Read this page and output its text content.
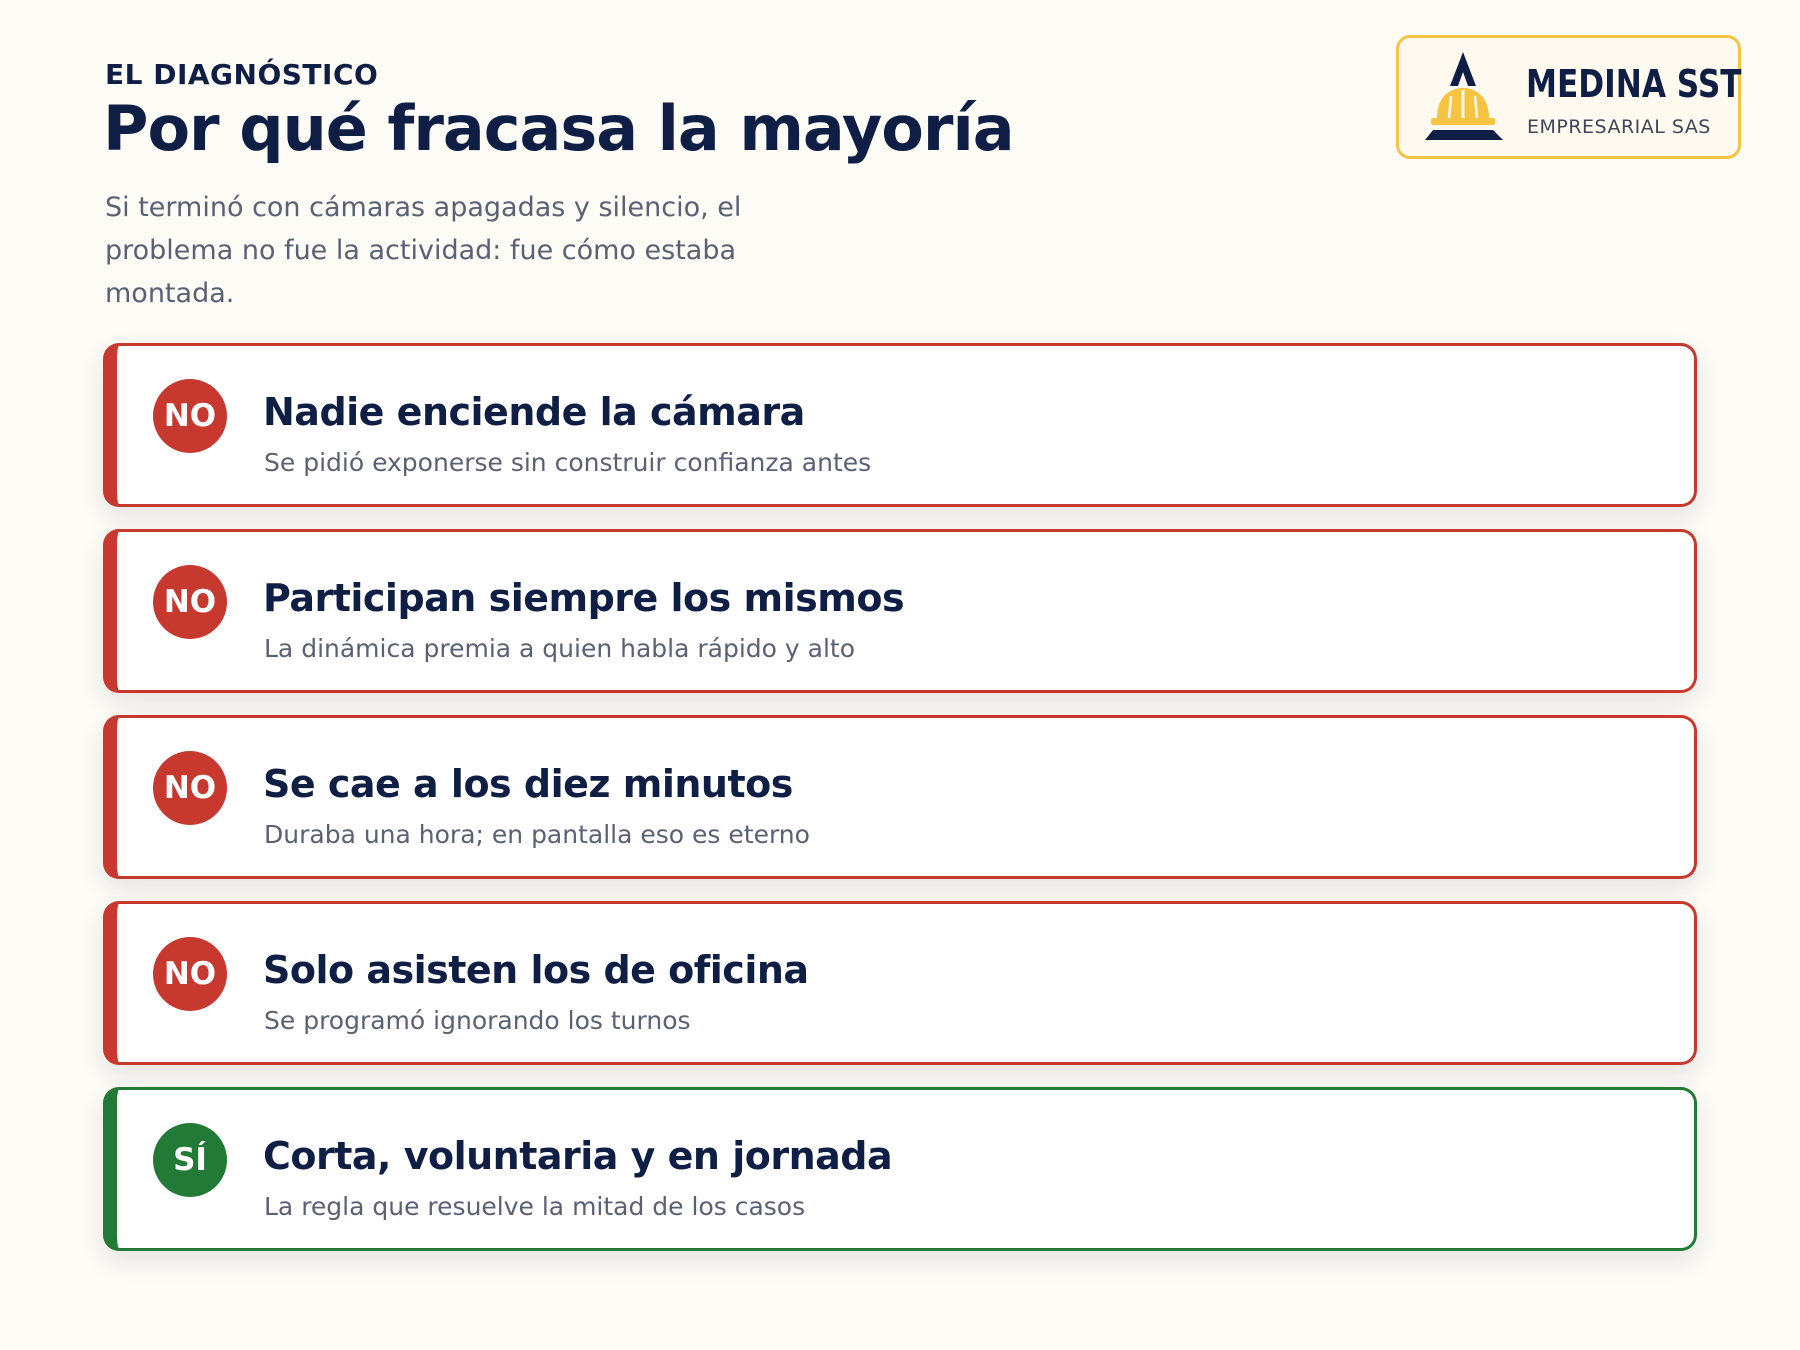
EL DIAGNÓSTICO
Por qué fracasa la mayoría

Si terminó con cámaras apagadas y silencio, el problema no fue la actividad: fue cómo estaba montada.

MEDINA SST
EMPRESARIAL SAS
NO Nadie enciende la cámara
Se pidió exponerse sin construir confianza antes
NO Participan siempre los mismos
La dinámica premia a quien habla rápido y alto
NO Se cae a los diez minutos
Duraba una hora; en pantalla eso es eterno
NO Solo asisten los de oficina
Se programó ignorando los turnos
SÍ	Corta, voluntaria y en jornada
La regla que resuelve la mitad de los casos
